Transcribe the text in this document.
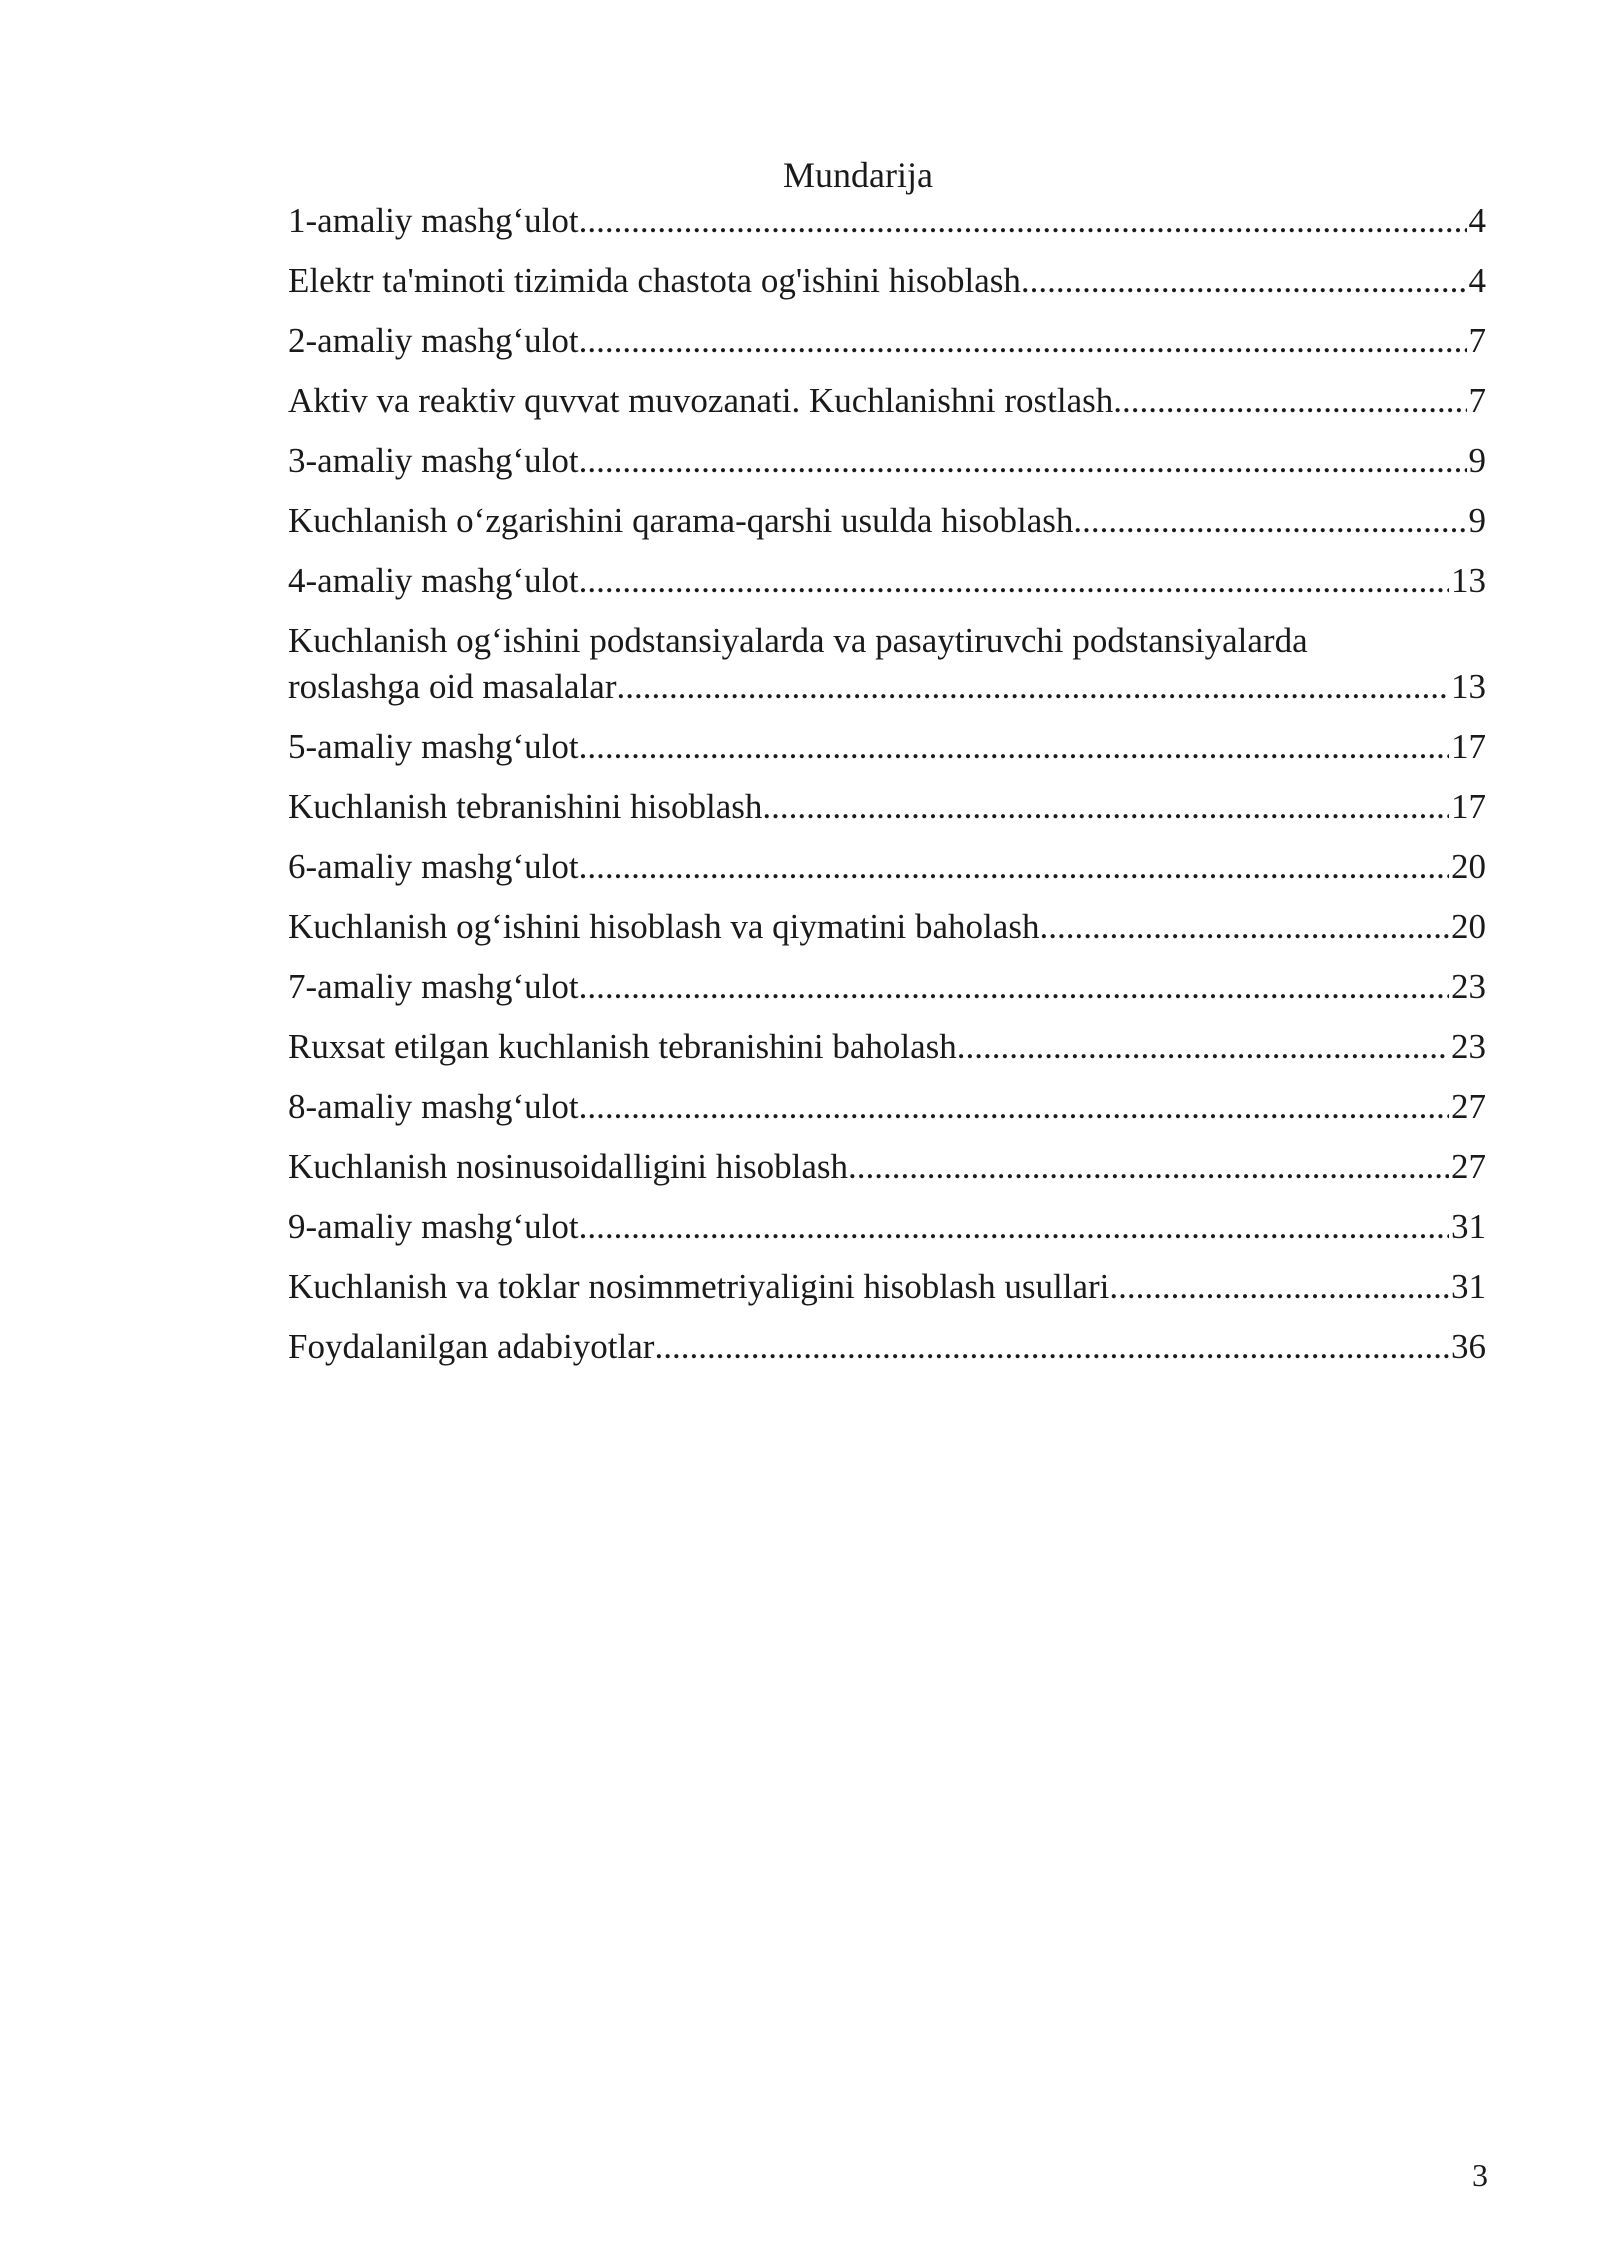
Mundarija
1-amaliy mashg‘ulot .....	4
Elektr ta'minoti tizimida chastota og'ishini hisoblash .....	4
2-amaliy mashg‘ulot .....	7
Aktiv va reaktiv quvvat muvozanati. Kuchlanishni rostlash .....	7
3-amaliy mashg‘ulot .....	9
Kuchlanish o‘zgarishini qarama-qarshi usulda hisoblash .....	9
4-amaliy mashg‘ulot .....	13
Kuchlanish og‘ishini podstansiyalarda va pasaytiruvchi podstansiyalarda
roslashga oid masalalar .....	13
5-amaliy mashg‘ulot .....	17
Kuchlanish tebranishini hisoblash .....	17
6-amaliy mashg‘ulot .....	20
Kuchlanish og‘ishini hisoblash va qiymatini baholash .....	20
7-amaliy mashg‘ulot .....	23
Ruxsat etilgan kuchlanish tebranishini baholash .....	23
8-amaliy mashg‘ulot .....	27
Kuchlanish nosinusoidalligini hisoblash .....	27
9-amaliy mashg‘ulot .....	31
Kuchlanish va toklar nosimmetriyaligini hisoblash usullari .....	31
Foydalanilgan adabiyotlar .....	36
3
